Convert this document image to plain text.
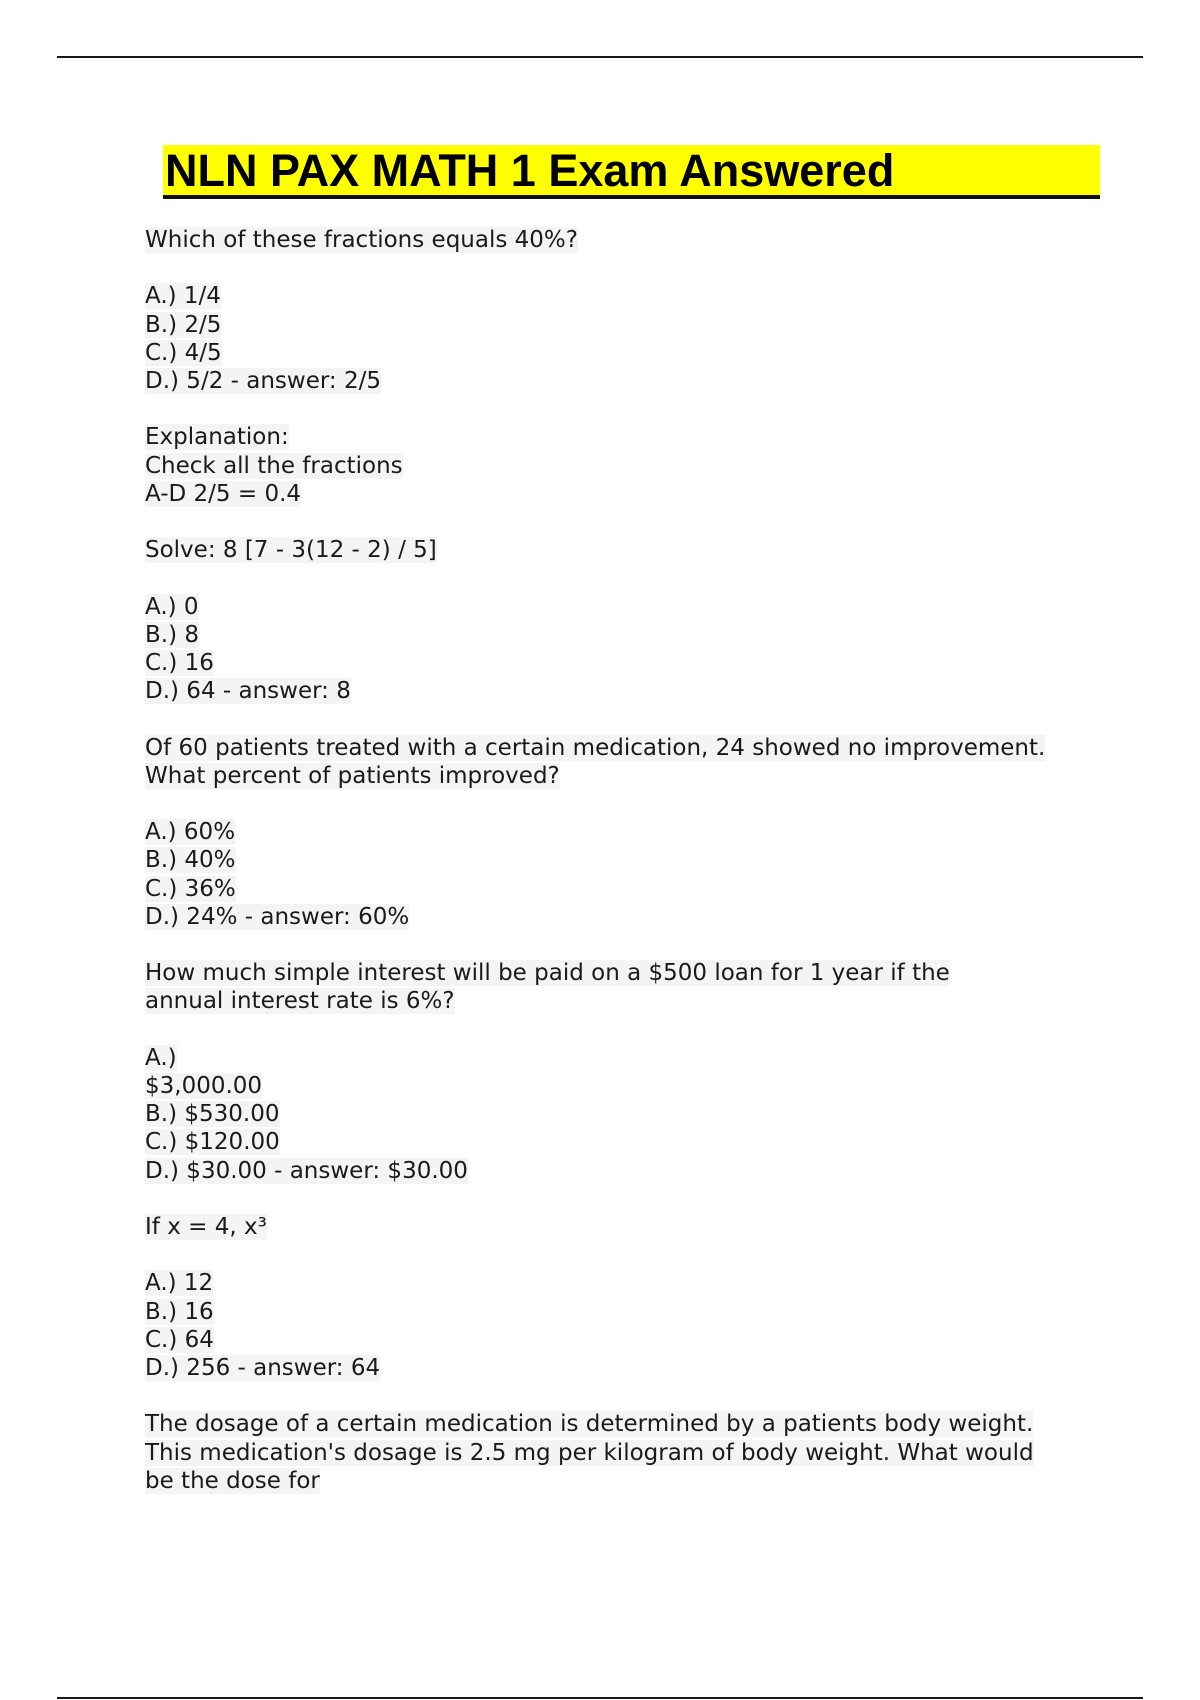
NLN PAX MATH 1 Exam Answered
Which of these fractions equals 40%?
A.) 1/4
B.) 2/5
C.) 4/5
D.) 5/2 - answer: 2/5
Explanation:
Check all the fractions
A-D 2/5 = 0.4
Solve: 8 [7 - 3(12 - 2) / 5]
A.) 0
B.) 8
C.) 16
D.) 64 - answer: 8
Of 60 patients treated with a certain medication, 24 showed no improvement.
What percent of patients improved?
A.) 60%
B.) 40%
C.) 36%
D.) 24% - answer: 60%
How much simple interest will be paid on a $500 loan for 1 year if the
annual interest rate is 6%?
A.)
$3,000.00
B.) $530.00
C.) $120.00
D.) $30.00 - answer: $30.00
If x = 4, x³
A.) 12
B.) 16
C.) 64
D.) 256 - answer: 64
The dosage of a certain medication is determined by a patients body weight.
This medication's dosage is 2.5 mg per kilogram of body weight. What would
be the dose for
